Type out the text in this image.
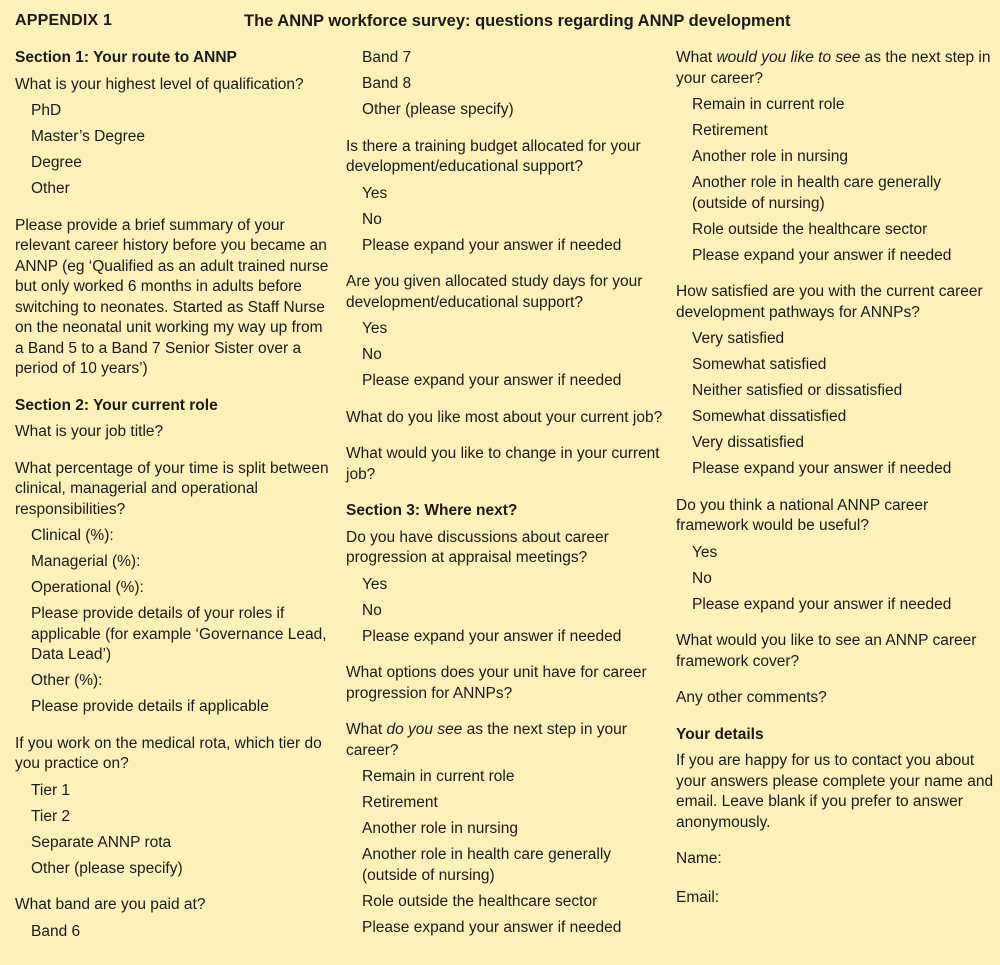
APPENDIX 1	The ANNP workforce survey: questions regarding ANNP development
Section 1: Your route to ANNP
What is your highest level of qualification?
PhD
Master’s Degree
Degree
Other
Please provide a brief summary of your relevant career history before you became an ANNP (eg ‘Qualified as an adult trained nurse but only worked 6 months in adults before switching to neonates. Started as Staff Nurse on the neonatal unit working my way up from a Band 5 to a Band 7 Senior Sister over a period of 10 years’)
Section 2: Your current role
What is your job title?
What percentage of your time is split between clinical, managerial and operational responsibilities?
Clinical (%):
Managerial (%):
Operational (%):
Please provide details of your roles if applicable (for example ‘Governance Lead, Data Lead’)
Other (%):
Please provide details if applicable
If you work on the medical rota, which tier do you practice on?
Tier 1
Tier 2
Separate ANNP rota
Other (please specify)
What band are you paid at?
Band 6
Band 7
Band 8
Other (please specify)
Is there a training budget allocated for your development/educational support?
Yes
No
Please expand your answer if needed
Are you given allocated study days for your development/educational support?
Yes
No
Please expand your answer if needed
What do you like most about your current job?
What would you like to change in your current job?
Section 3: Where next?
Do you have discussions about career progression at appraisal meetings?
Yes
No
Please expand your answer if needed
What options does your unit have for career progression for ANNPs?
What do you see as the next step in your career?
Remain in current role
Retirement
Another role in nursing
Another role in health care generally (outside of nursing)
Role outside the healthcare sector
Please expand your answer if needed
What would you like to see as the next step in your career?
Remain in current role
Retirement
Another role in nursing
Another role in health care generally (outside of nursing)
Role outside the healthcare sector
Please expand your answer if needed
How satisfied are you with the current career development pathways for ANNPs?
Very satisfied
Somewhat satisfied
Neither satisfied or dissatisfied
Somewhat dissatisfied
Very dissatisfied
Please expand your answer if needed
Do you think a national ANNP career framework would be useful?
Yes
No
Please expand your answer if needed
What would you like to see an ANNP career framework cover?
Any other comments?
Your details
If you are happy for us to contact you about your answers please complete your name and email. Leave blank if you prefer to answer anonymously.
Name:
Email:
